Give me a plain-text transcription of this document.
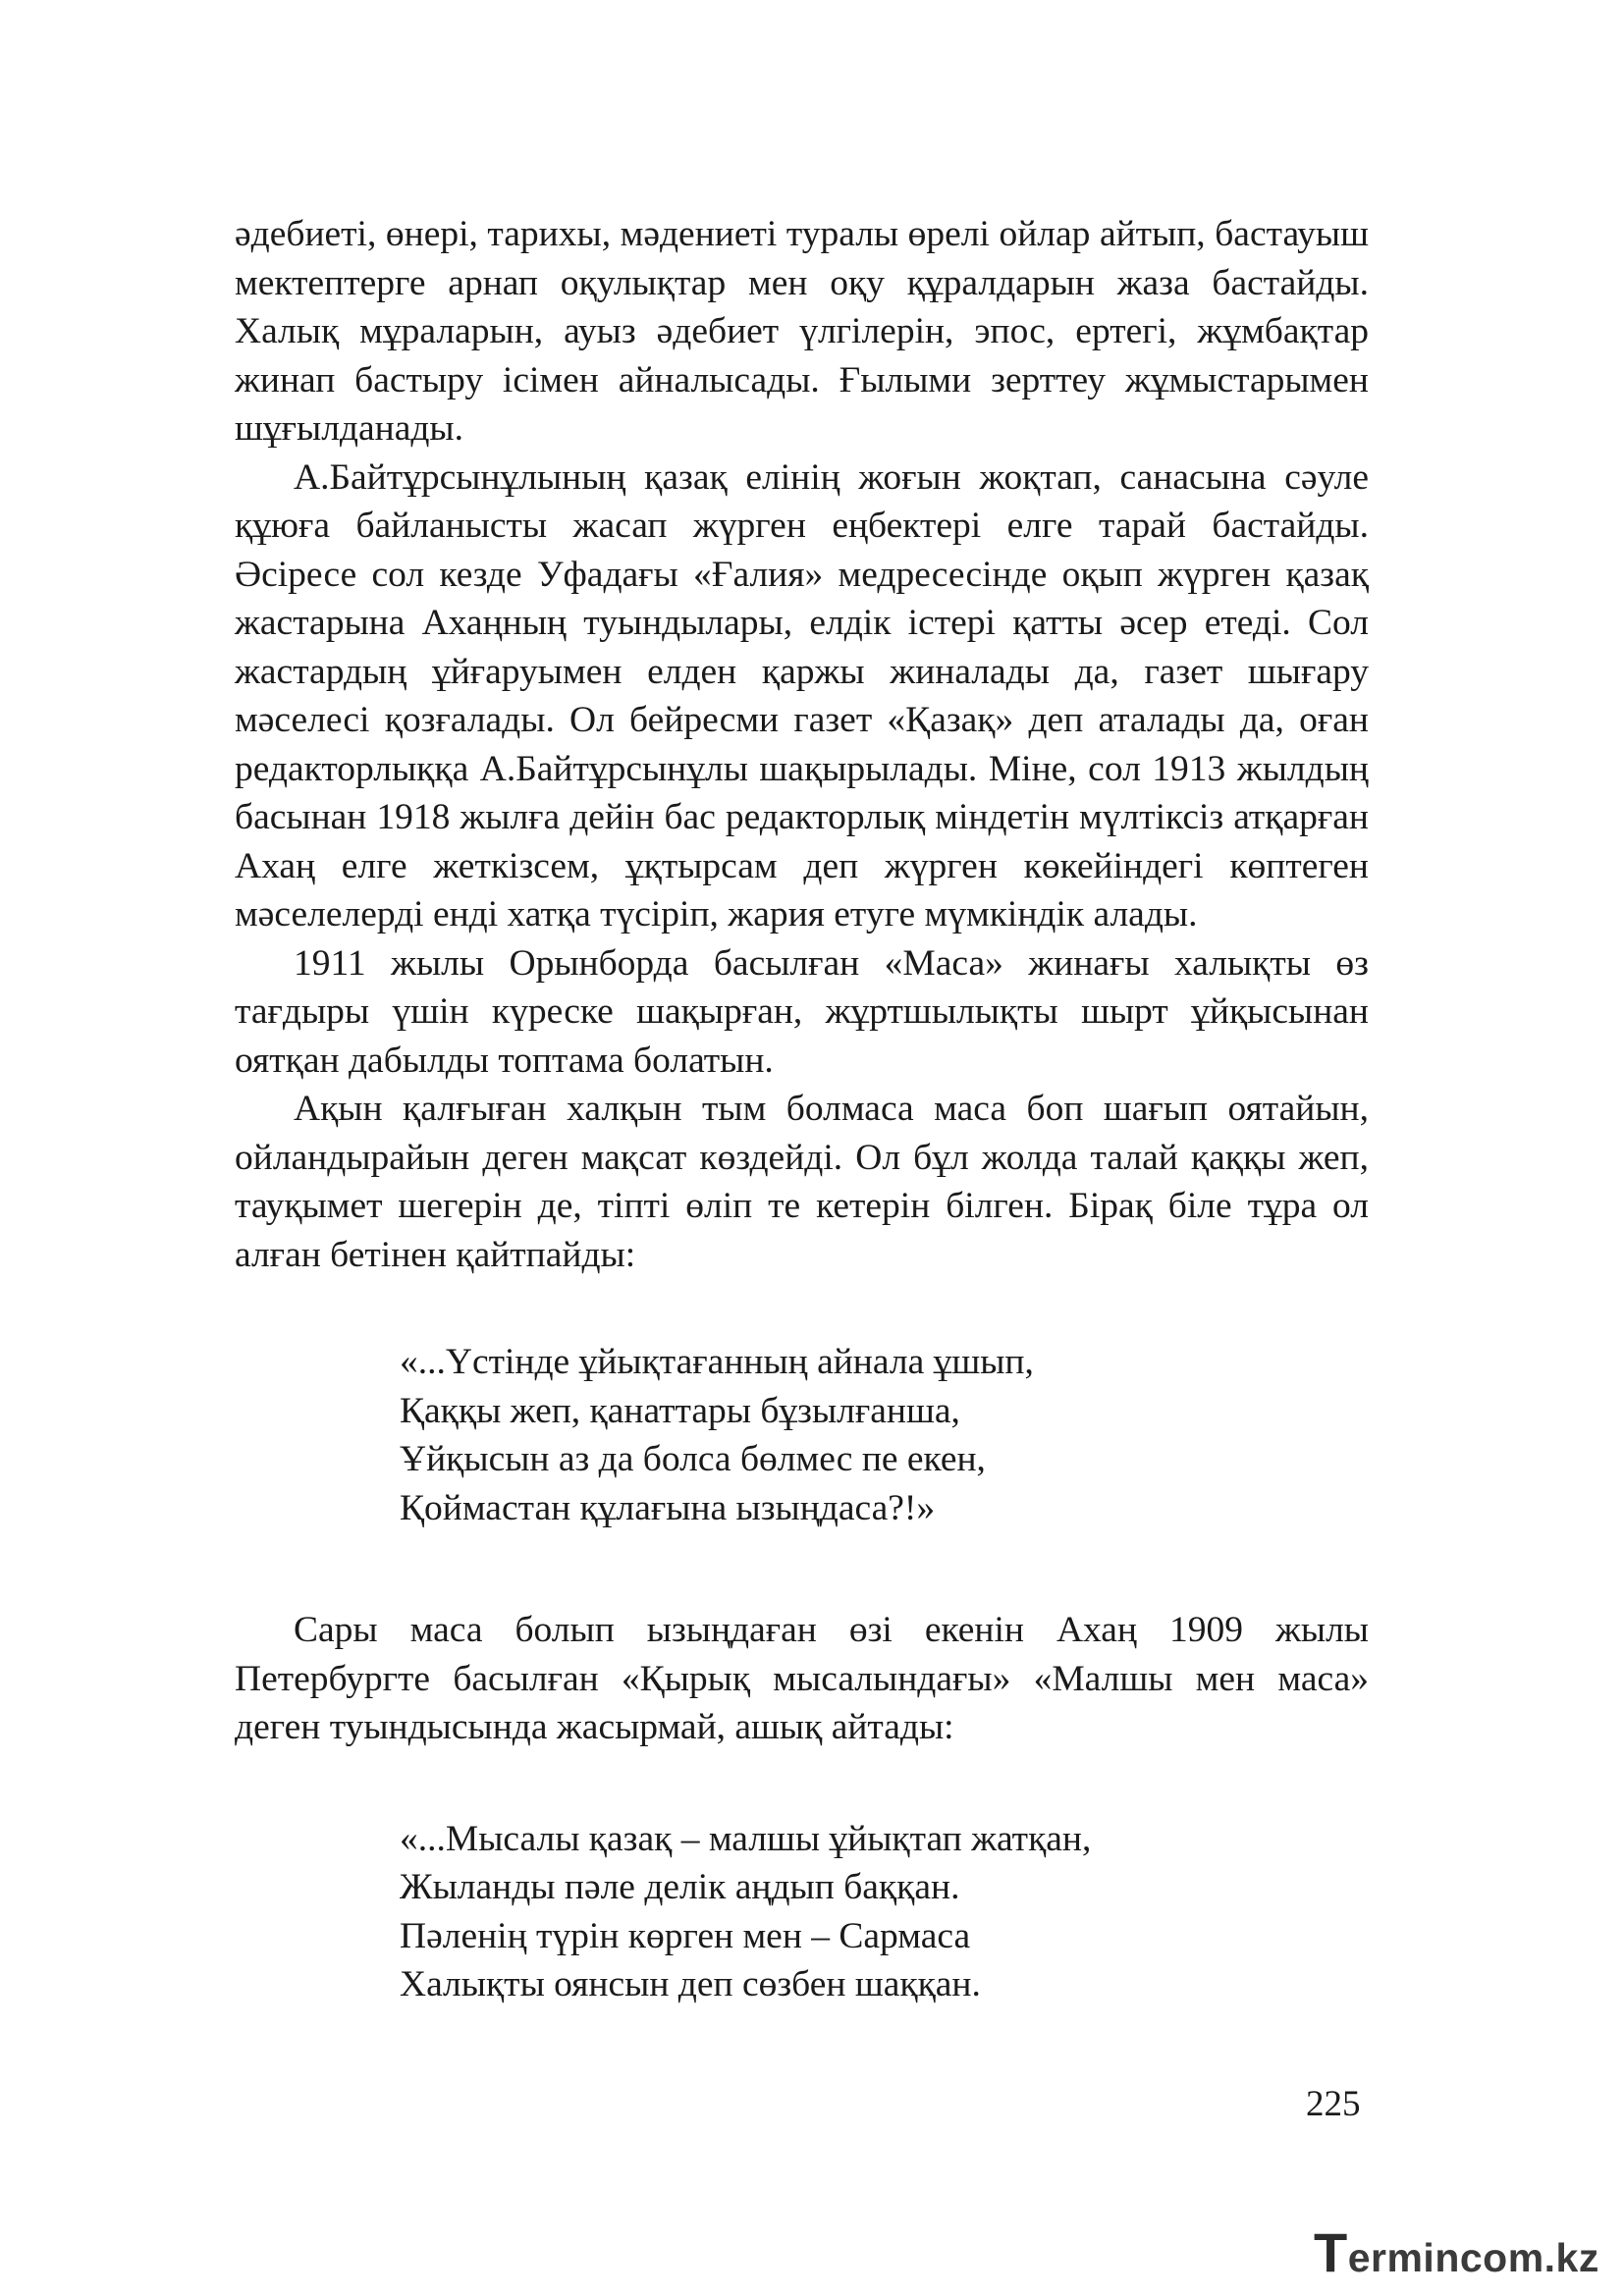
әдебиеті, өнері, тарихы, мәдениеті туралы өрелі ойлар айтып, бастауыш мектептерге арнап оқулықтар мен оқу құралдарын жаза бастайды. Халық мұраларын, ауыз әдебиет үлгілерін, эпос, ертегі, жұмбақтар жинап бастыру ісімен айналысады. Ғылыми зерттеу жұмыстарымен шұғылданады.

А.Байтұрсынұлының қазақ елінің жоғын жоқтап, санасына сәуле құюға байланысты жасап жүрген еңбектері елге тарай бастайды. Әсіресе сол кезде Уфадағы «Ғалия» медресесінде оқып жүрген қазақ жастарына Ахаңның туындылары, елдік істері қатты әсер етеді. Сол жастардың ұйғаруымен елден қаржы жиналады да, газет шығару мәселесі қозғалады. Ол бейресми газет «Қазақ» деп аталады да, оған редакторлыққа А.Байтұрсынұлы шақырылады. Міне, сол 1913 жылдың басынан 1918 жылға дейін бас редакторлық міндетін мүлтіксіз атқарған Ахаң елге жеткізсем, ұқтырсам деп жүрген көкейіндегі көптеген мәселелерді енді хатқа түсіріп, жария етуге мүмкіндік алады.

1911 жылы Орынборда басылған «Маса» жинағы халықты өз тағдыры үшін күреске шақырған, жұртшылықты шырт ұйқысынан оятқан дабылды топтама болатын.

Ақын қалғыған халқын тым болмаса маса боп шағып оятайын, ойландырайын деген мақсат көздейді. Ол бұл жолда талай қаққы жеп, тауқымет шегерін де, тіпті өліп те кетерін білген. Бірақ біле тұра ол алған бетінен қайтпайды:

«...Үстінде ұйықтағанның айнала ұшып,
Қаққы жеп, қанаттары бұзылғанша,
Ұйқысын аз да болса бөлмес пе екен,
Қоймастан құлағына ызыңдаса?!»

Сары маса болып ызыңдаған өзі екенін Ахаң 1909 жылы Петербургте басылған «Қырық мысалындағы» «Малшы мен маса» деген туындысында жасырмай, ашық айтады:

«...Мысалы қазақ – малшы ұйықтап жатқан,
Жыланды пәле делік аңдып баққан.
Пәленің түрін көрген мен – Сармаса
Халықты оянсын деп сөзбен шаққан.
225
Termincom.kz
